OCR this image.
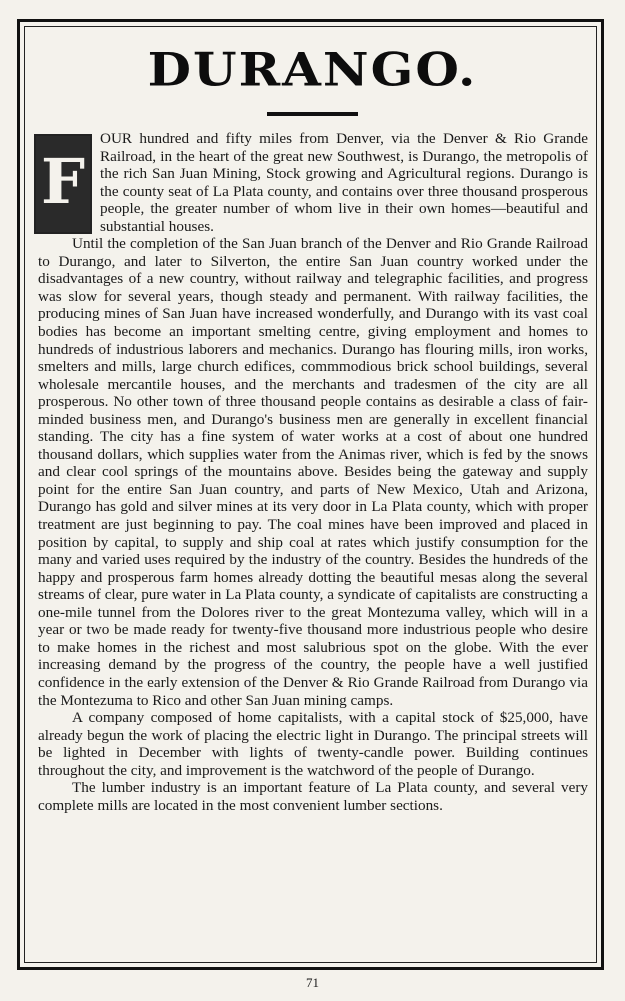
DURANGO.

F
OUR hundred and fifty miles from Denver, via the Denver & Rio Grande Railroad, in the heart of the great new Southwest, is Durango, the metropolis of the rich San Juan Mining, Stock growing and Agricultural regions. Durango is the county seat of La Plata county, and contains over three thousand prosperous people, the greater number of whom live in their own homes—beautiful and substantial houses.

Until the completion of the San Juan branch of the Denver and Rio Grande Railroad to Durango, and later to Silverton, the entire San Juan country worked under the disadvantages of a new country, without railway and telegraphic facilities, and progress was slow for several years, though steady and permanent. With railway facilities, the producing mines of San Juan have increased wonderfully, and Durango with its vast coal bodies has become an important smelting centre, giving employment and homes to hundreds of industrious laborers and mechanics. Durango has flouring mills, iron works, smelters and mills, large church edifices, commmodious brick school buildings, several wholesale mercantile houses, and the merchants and tradesmen of the city are all prosperous. No other town of three thousand people contains as desirable a class of fair-minded business men, and Durango's business men are generally in excellent financial standing. The city has a fine system of water works at a cost of about one hundred thousand dollars, which supplies water from the Animas river, which is fed by the snows and clear cool springs of the mountains above. Besides being the gateway and supply point for the entire San Juan country, and parts of New Mexico, Utah and Arizona, Durango has gold and silver mines at its very door in La Plata county, which with proper treatment are just beginning to pay. The coal mines have been improved and placed in position by capital, to supply and ship coal at rates which justify consumption for the many and varied uses required by the industry of the country. Besides the hundreds of the happy and prosperous farm homes already dotting the beautiful mesas along the several streams of clear, pure water in La Plata county, a syndicate of capitalists are constructing a one-mile tunnel from the Dolores river to the great Montezuma valley, which will in a year or two be made ready for twenty-five thousand more industrious people who desire to make homes in the richest and most salubrious spot on the globe. With the ever increasing demand by the progress of the country, the people have a well justified confidence in the early extension of the Denver & Rio Grande Railroad from Durango via the Montezuma to Rico and other San Juan mining camps.

A company composed of home capitalists, with a capital stock of $25,000, have already begun the work of placing the electric light in Durango. The principal streets will be lighted in December with lights of twenty-candle power. Building continues throughout the city, and improvement is the watchword of the people of Durango.

The lumber industry is an important feature of La Plata county, and several very complete mills are located in the most convenient lumber sections.

71
